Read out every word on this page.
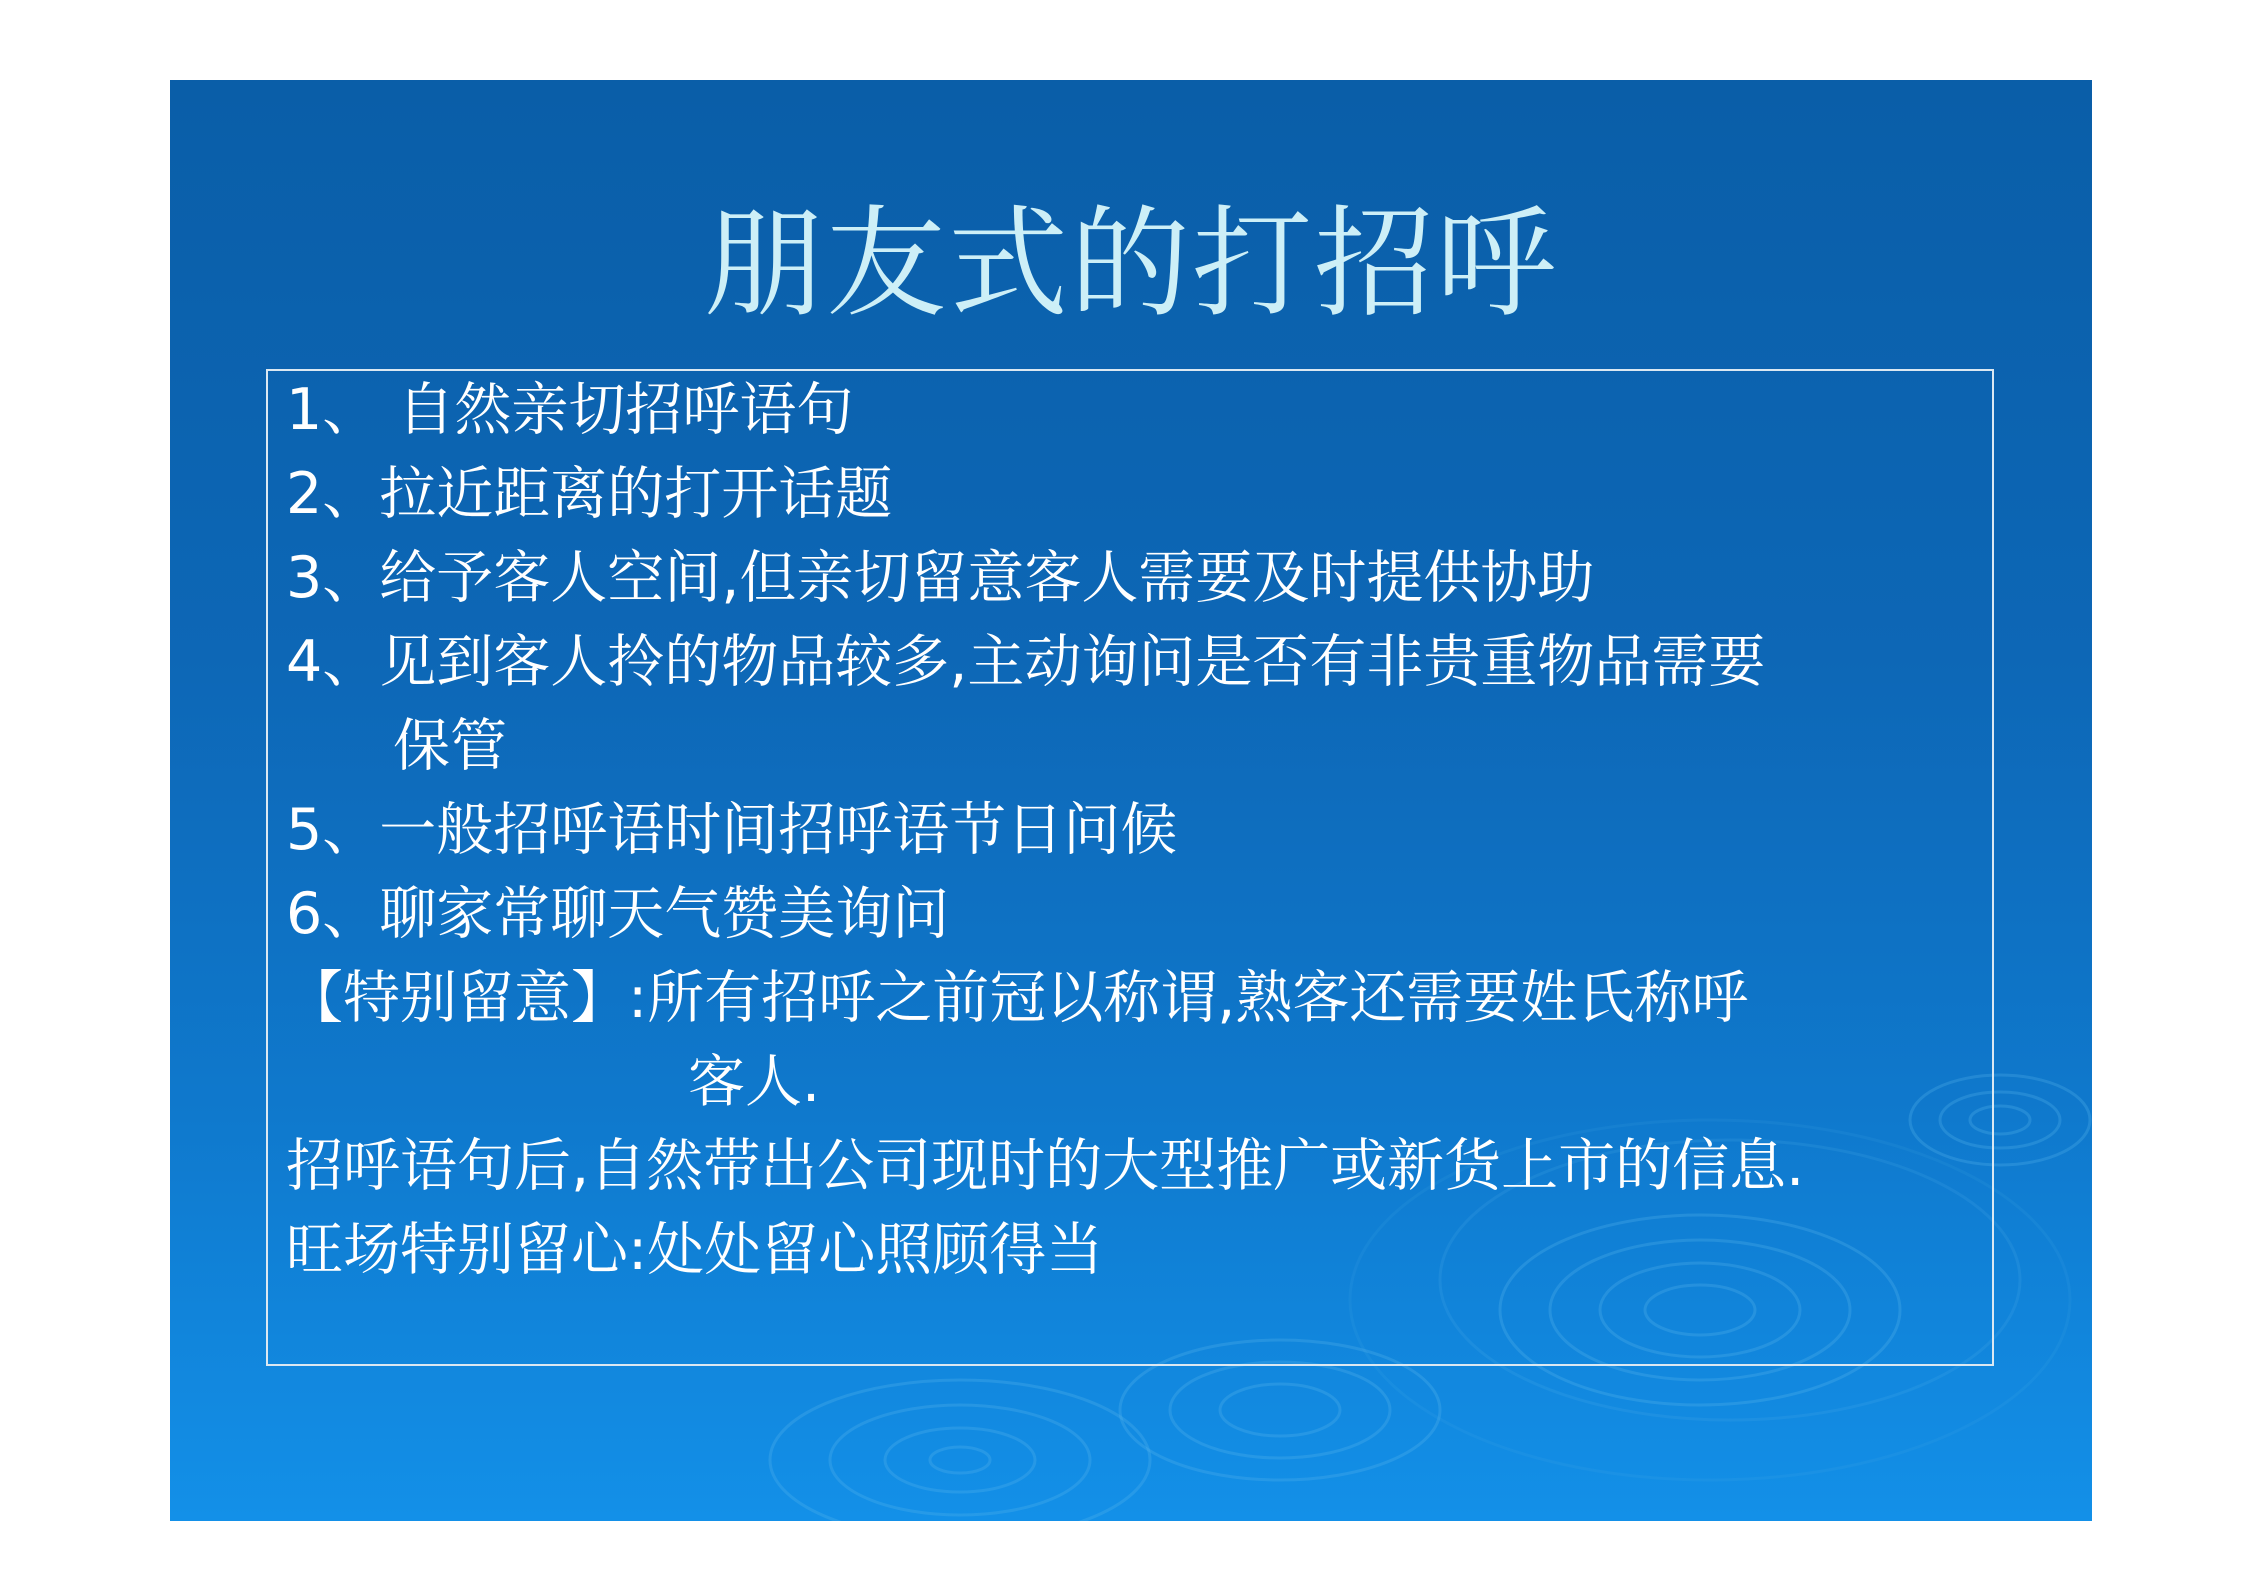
朋友式的打招呼

1、 自然亲切招呼语句

2、拉近距离的打开话题

3、给予客人空间,但亲切留意客人需要及时提供协助

4、见到客人拎的物品较多,主动询问是否有非贵重物品需要

保管

5、一般招呼语时间招呼语节日问候

6、聊家常聊天气赞美询问

【特别留意】:所有招呼之前冠以称谓,熟客还需要姓氏称呼

客人.

招呼语句后,自然带出公司现时的大型推广或新货上市的信息.

旺场特别留心:处处留心照顾得当
